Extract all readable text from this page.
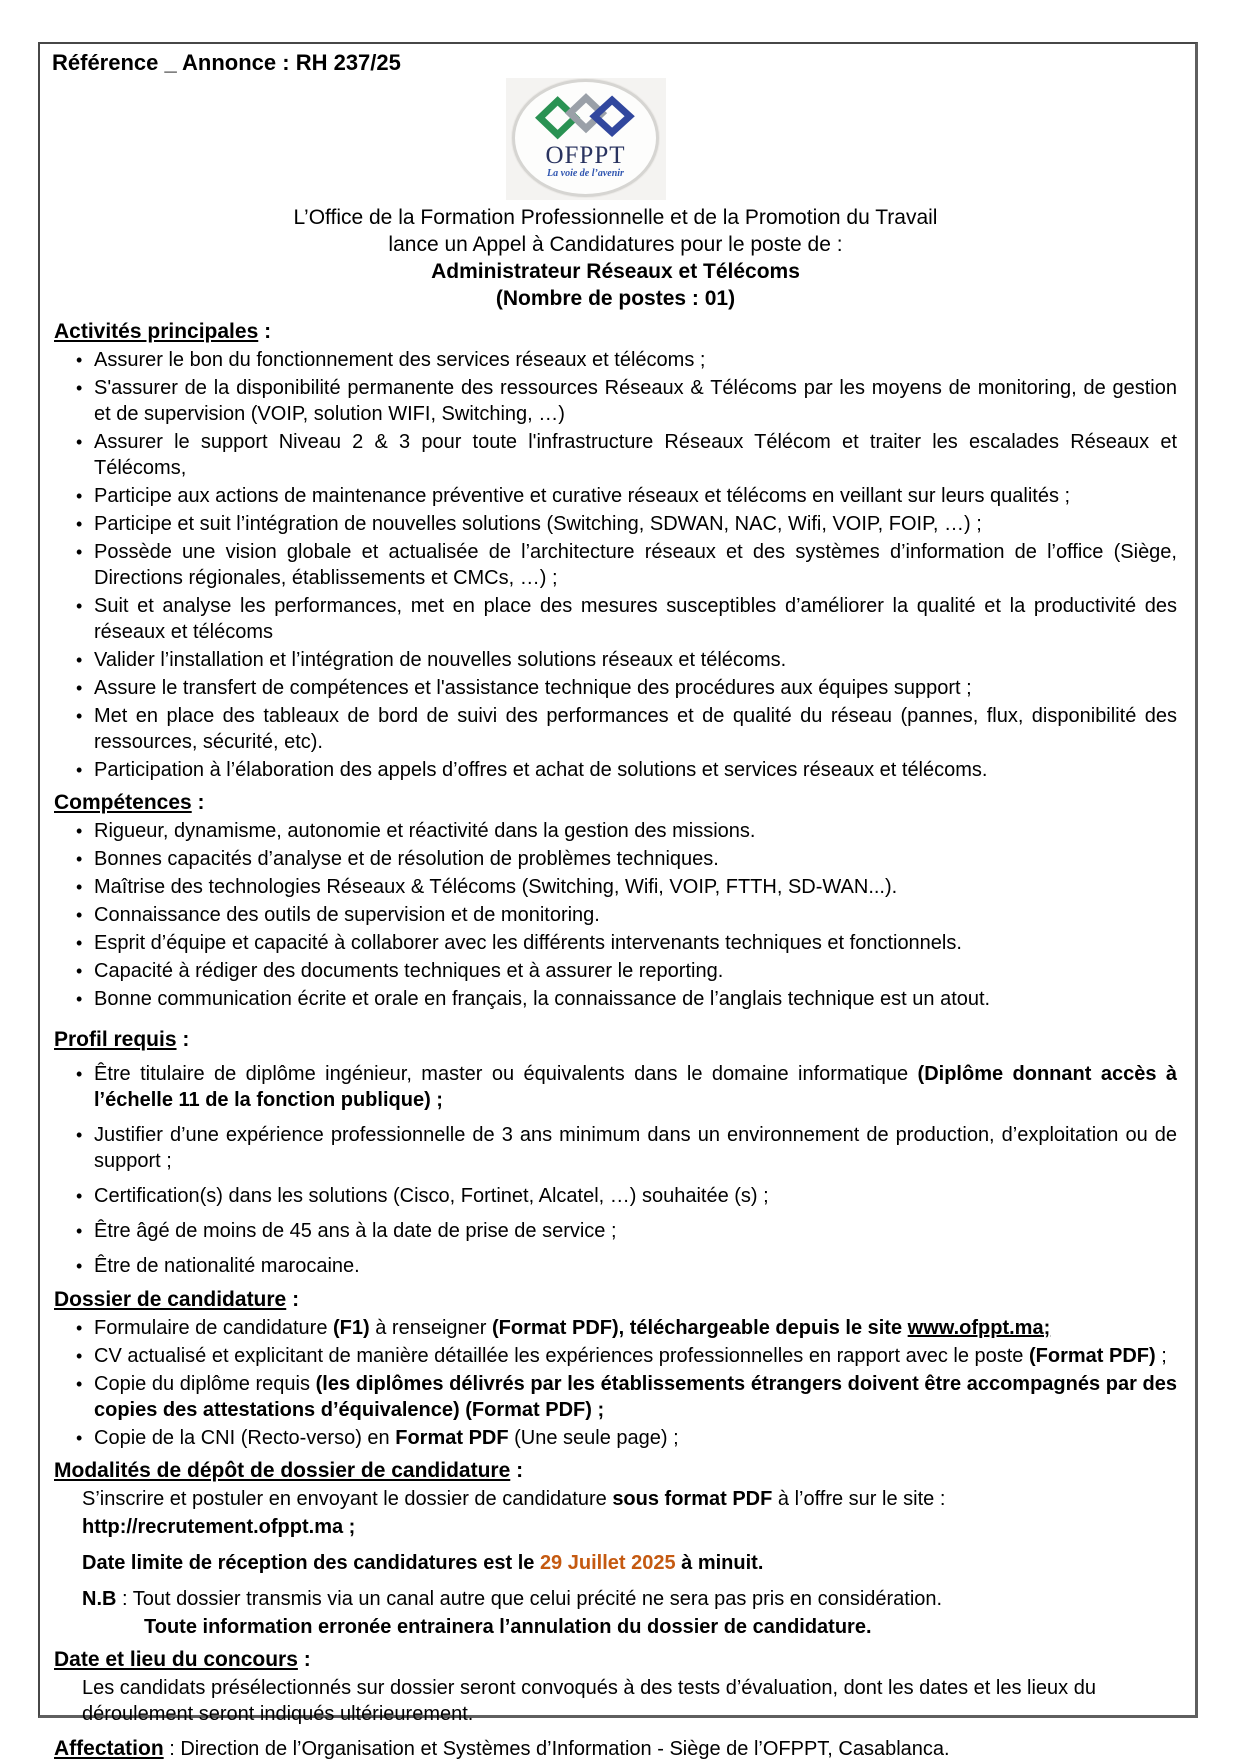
Référence _ Annonce : RH 237/25
OFPPT
La voie de l’avenir
L’Office de la Formation Professionnelle et de la Promotion du Travail
lance un Appel à Candidatures pour le poste de :
Administrateur Réseaux et Télécoms
(Nombre de postes : 01)
Activités principales :
• Assurer le bon du fonctionnement des services réseaux et télécoms ;
• S'assurer de la disponibilité permanente des ressources Réseaux & Télécoms par les moyens de monitoring, de gestion et de supervision (VOIP, solution WIFI, Switching, …)
• Assurer le support Niveau 2 & 3 pour toute l'infrastructure Réseaux Télécom et traiter les escalades Réseaux et Télécoms,
• Participe aux actions de maintenance préventive et curative réseaux et télécoms en veillant sur leurs qualités ;
• Participe et suit l’intégration de nouvelles solutions (Switching, SDWAN, NAC, Wifi, VOIP, FOIP, …) ;
• Possède une vision globale et actualisée de l’architecture réseaux et des systèmes d’information de l’office (Siège, Directions régionales, établissements et CMCs, …) ;
• Suit et analyse les performances, met en place des mesures susceptibles d’améliorer la qualité et la productivité des réseaux et télécoms
• Valider l’installation et l’intégration de nouvelles solutions réseaux et télécoms.
• Assure le transfert de compétences et l'assistance technique des procédures aux équipes support ;
• Met en place des tableaux de bord de suivi des performances et de qualité du réseau (pannes, flux, disponibilité des ressources, sécurité, etc).
• Participation à l’élaboration des appels d’offres et achat de solutions et services réseaux et télécoms.
Compétences :
• Rigueur, dynamisme, autonomie et réactivité dans la gestion des missions.
• Bonnes capacités d’analyse et de résolution de problèmes techniques.
• Maîtrise des technologies Réseaux & Télécoms (Switching, Wifi, VOIP, FTTH, SD-WAN...).
• Connaissance des outils de supervision et de monitoring.
• Esprit d’équipe et capacité à collaborer avec les différents intervenants techniques et fonctionnels.
• Capacité à rédiger des documents techniques et à assurer le reporting.
• Bonne communication écrite et orale en français, la connaissance de l’anglais technique est un atout.
Profil requis :
• Être titulaire de diplôme ingénieur, master ou équivalents dans le domaine informatique (Diplôme donnant accès à l’échelle 11 de la fonction publique) ;
• Justifier d’une expérience professionnelle de 3 ans minimum dans un environnement de production, d’exploitation ou de support ;
• Certification(s) dans les solutions (Cisco, Fortinet, Alcatel, …) souhaitée (s) ;
• Être âgé de moins de 45 ans à la date de prise de service ;
• Être de nationalité marocaine.
Dossier de candidature :
• Formulaire de candidature (F1) à renseigner (Format PDF), téléchargeable depuis le site www.ofppt.ma;
• CV actualisé et explicitant de manière détaillée les expériences professionnelles en rapport avec le poste (Format PDF) ;
• Copie du diplôme requis (les diplômes délivrés par les établissements étrangers doivent être accompagnés par des copies des attestations d’équivalence) (Format PDF) ;
• Copie de la CNI (Recto-verso) en Format PDF (Une seule page) ;
Modalités de dépôt de dossier de candidature :
S’inscrire et postuler en envoyant le dossier de candidature sous format PDF à l’offre sur le site :
http://recrutement.ofppt.ma ;
Date limite de réception des candidatures est le 29 Juillet 2025 à minuit.
N.B : Tout dossier transmis via un canal autre que celui précité ne sera pas pris en considération.
Toute information erronée entrainera l’annulation du dossier de candidature.
Date et lieu du concours :
Les candidats présélectionnés sur dossier seront convoqués à des tests d’évaluation, dont les dates et les lieux du déroulement seront indiqués ultérieurement.
Affectation : Direction de l’Organisation et Systèmes d’Information - Siège de l’OFPPT, Casablanca.
